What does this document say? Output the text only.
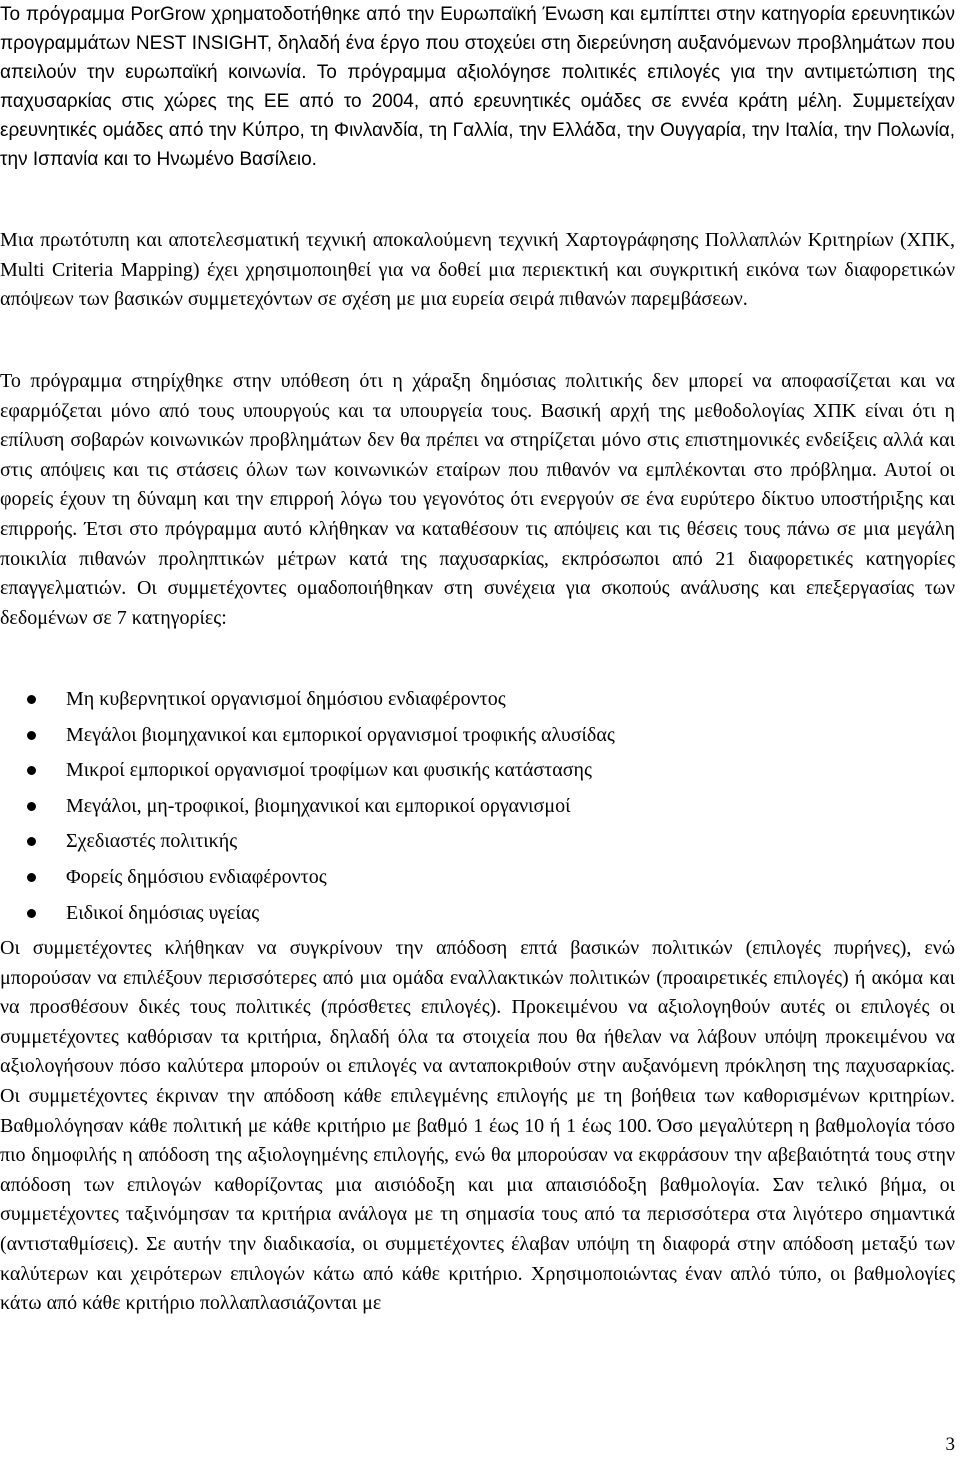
Το πρόγραμμα PorGrow χρηματοδοτήθηκε από την Ευρωπαϊκή Ένωση και εμπίπτει στην κατηγορία ερευνητικών προγραμμάτων NEST INSIGHT, δηλαδή ένα έργο που στοχεύει στη διερεύνηση αυξανόμενων προβλημάτων που απειλούν την ευρωπαϊκή κοινωνία. Το πρόγραμμα αξιολόγησε πολιτικές επιλογές για την αντιμετώπιση της παχυσαρκίας στις χώρες της ΕΕ από το 2004, από ερευνητικές ομάδες σε εννέα κράτη μέλη. Συμμετείχαν ερευνητικές ομάδες από την Κύπρο, τη Φινλανδία, τη Γαλλία, την Ελλάδα, την Ουγγαρία, την Ιταλία, την Πολωνία, την Ισπανία και το Ηνωμένο Βασίλειο.

Μια πρωτότυπη και αποτελεσματική τεχνική αποκαλούμενη τεχνική Χαρτογράφησης Πολλαπλών Κριτηρίων (ΧΠΚ, Multi Criteria Mapping) έχει χρησιμοποιηθεί για να δοθεί μια περιεκτική και συγκριτική εικόνα των διαφορετικών απόψεων των βασικών συμμετεχόντων σε σχέση με μια ευρεία σειρά πιθανών παρεμβάσεων.

Το πρόγραμμα στηρίχθηκε στην υπόθεση ότι η χάραξη δημόσιας πολιτικής δεν μπορεί να αποφασίζεται και να εφαρμόζεται μόνο από τους υπουργούς και τα υπουργεία τους. Βασική αρχή της μεθοδολογίας ΧΠΚ είναι ότι η επίλυση σοβαρών κοινωνικών προβλημάτων δεν θα πρέπει να στηρίζεται μόνο στις επιστημονικές ενδείξεις αλλά και στις απόψεις και τις στάσεις όλων των κοινωνικών εταίρων που πιθανόν να εμπλέκονται στο πρόβλημα. Αυτοί οι φορείς έχουν τη δύναμη και την επιρροή λόγω του γεγονότος ότι ενεργούν σε ένα ευρύτερο δίκτυο υποστήριξης και επιρροής. Έτσι στο πρόγραμμα αυτό κλήθηκαν να καταθέσουν τις απόψεις και τις θέσεις τους πάνω σε μια μεγάλη ποικιλία πιθανών προληπτικών μέτρων κατά της παχυσαρκίας, εκπρόσωποι από 21 διαφορετικές κατηγορίες επαγγελματιών. Οι συμμετέχοντες ομαδοποιήθηκαν στη συνέχεια για σκοπούς ανάλυσης και επεξεργασίας των δεδομένων σε 7 κατηγορίες:

Μη κυβερνητικοί οργανισμοί δημόσιου ενδιαφέροντος
Μεγάλοι βιομηχανικοί και εμπορικοί οργανισμοί τροφικής αλυσίδας
Μικροί εμπορικοί οργανισμοί τροφίμων και φυσικής κατάστασης
Μεγάλοι, μη-τροφικοί, βιομηχανικοί και εμπορικοί οργανισμοί
Σχεδιαστές πολιτικής
Φορείς δημόσιου ενδιαφέροντος
Ειδικοί δημόσιας υγείας

Οι συμμετέχοντες κλήθηκαν να συγκρίνουν την απόδοση επτά βασικών πολιτικών (επιλογές πυρήνες), ενώ μπορούσαν να επιλέξουν περισσότερες από μια ομάδα εναλλακτικών πολιτικών (προαιρετικές επιλογές) ή ακόμα και να προσθέσουν δικές τους πολιτικές (πρόσθετες επιλογές). Προκειμένου να αξιολογηθούν αυτές οι επιλογές οι συμμετέχοντες καθόρισαν τα κριτήρια, δηλαδή όλα τα στοιχεία που θα ήθελαν να λάβουν υπόψη προκειμένου να αξιολογήσουν πόσο καλύτερα μπορούν οι επιλογές να ανταποκριθούν στην αυξανόμενη πρόκληση της παχυσαρκίας. Οι συμμετέχοντες έκριναν την απόδοση κάθε επιλεγμένης επιλογής με τη βοήθεια των καθορισμένων κριτηρίων. Βαθμολόγησαν κάθε πολιτική με κάθε κριτήριο με βαθμό 1 έως 10 ή 1 έως 100. Όσο μεγαλύτερη η βαθμολογία τόσο πιο δημοφιλής η απόδοση της αξιολογημένης επιλογής, ενώ θα μπορούσαν να εκφράσουν την αβεβαιότητά τους στην απόδοση των επιλογών καθορίζοντας μια αισιόδοξη και μια απαισιόδοξη βαθμολογία. Σαν τελικό βήμα, οι συμμετέχοντες ταξινόμησαν τα κριτήρια ανάλογα με τη σημασία τους από τα περισσότερα στα λιγότερο σημαντικά (αντισταθμίσεις). Σε αυτήν την διαδικασία, οι συμμετέχοντες έλαβαν υπόψη τη διαφορά στην απόδοση μεταξύ των καλύτερων και χειρότερων επιλογών κάτω από κάθε κριτήριο. Χρησιμοποιώντας έναν απλό τύπο, οι βαθμολογίες κάτω από κάθε κριτήριο πολλαπλασιάζονται με

3
